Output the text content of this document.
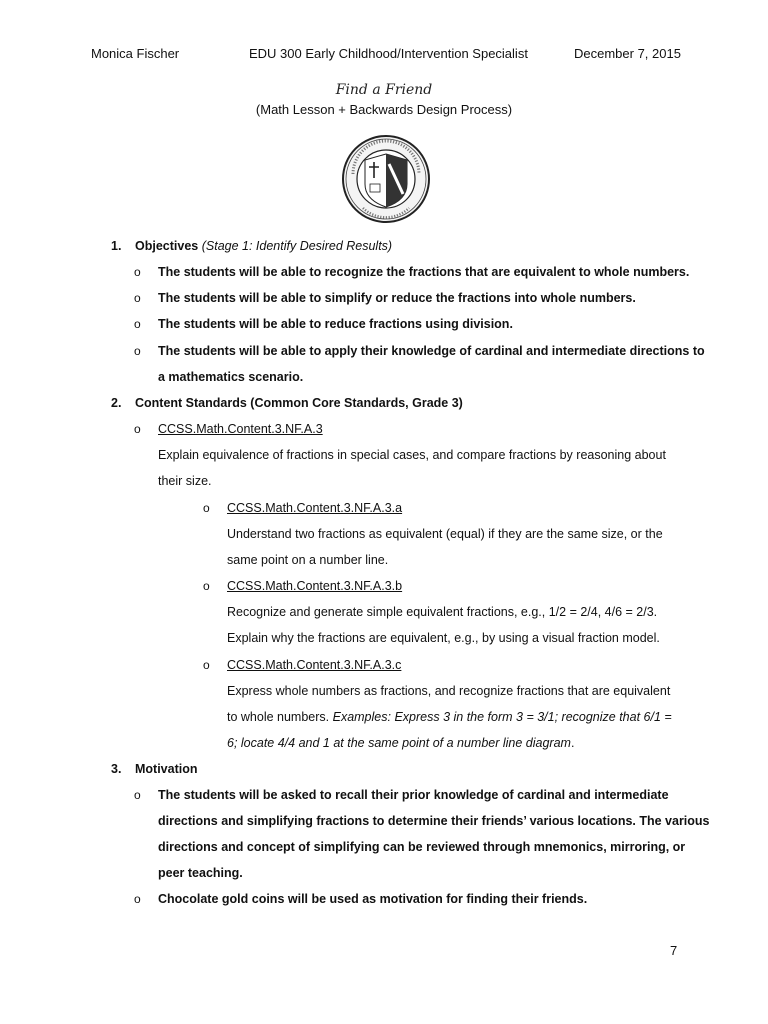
Monica Fischer	EDU 300 Early Childhood/Intervention Specialist	December 7, 2015
Find a Friend
(Math Lesson + Backwards Design Process)
1. Objectives (Stage 1: Identify Desired Results)
o The students will be able to recognize the fractions that are equivalent to whole numbers.
o The students will be able to simplify or reduce the fractions into whole numbers.
o The students will be able to reduce fractions using division.
o The students will be able to apply their knowledge of cardinal and intermediate directions to
a mathematics scenario.
2. Content Standards (Common Core Standards, Grade 3)
o CCSS.Math.Content.3.NF.A.3
Explain equivalence of fractions in special cases, and compare fractions by reasoning about
their size.
o CCSS.Math.Content.3.NF.A.3.a
Understand two fractions as equivalent (equal) if they are the same size, or the
same point on a number line.
o CCSS.Math.Content.3.NF.A.3.b
Recognize and generate simple equivalent fractions, e.g., 1/2 = 2/4, 4/6 = 2/3.
Explain why the fractions are equivalent, e.g., by using a visual fraction model.
o CCSS.Math.Content.3.NF.A.3.c
Express whole numbers as fractions, and recognize fractions that are equivalent
to whole numbers. Examples: Express 3 in the form 3 = 3/1; recognize that 6/1 =
6; locate 4/4 and 1 at the same point of a number line diagram.
3. Motivation
o The students will be asked to recall their prior knowledge of cardinal and intermediate
directions and simplifying fractions to determine their friends’ various locations. The various
directions and concept of simplifying can be reviewed through mnemonics, mirroring, or
peer teaching.
o Chocolate gold coins will be used as motivation for finding their friends.
7
